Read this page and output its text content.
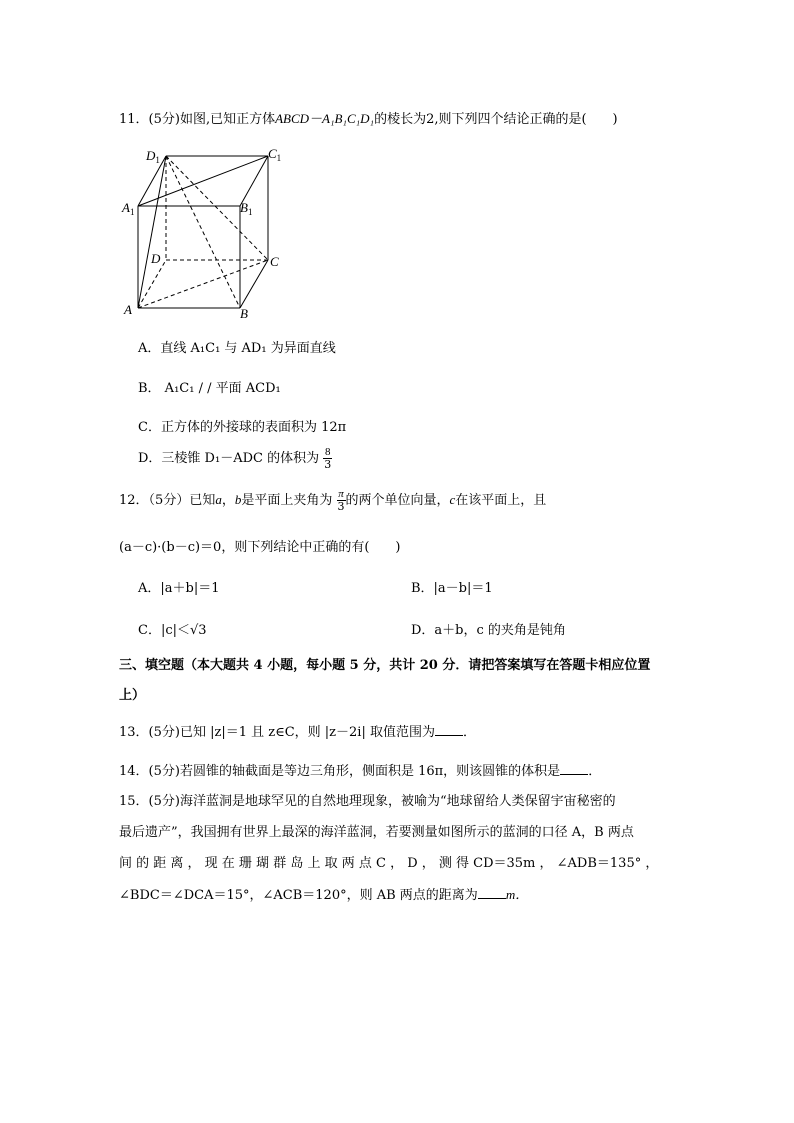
11．(5分)如图,已知正方体ABCD－A₁B₁C₁D₁的棱长为2,则下列四个结论正确的是(　　)
$D_1$	$C_1$
$A_1$	$B_1$
D	C
A	B
A．直线 A₁C₁ 与 AD₁ 为异面直线
B． A₁C₁ / / 平面 ACD₁
C．正方体的外接球的表面积为 12π
D．三棱锥 D₁－ADC 的体积为 $\frac{8}{3}$
12．（5分）已知a，b是平面上夹角为 $\frac{\pi}{3}$ 的两个单位向量，c在该平面上，且
(a－c)·(b－c)＝0，则下列结论中正确的有(　　)
A．|a＋b|＝1	B．|a－b|＝1
C．|c|＜√3	D．a＋b，c 的夹角是钝角
三、填空题（本大题共 4 小题，每小题 5 分，共计 20 分．请把答案填写在答题卡相应位置
上）
13．(5分)已知 |z|＝1 且 z∈C，则 |z－2i| 取值范围为 ．
14．(5分)若圆锥的轴截面是等边三角形，侧面积是 16π，则该圆锥的体积是 ．
15．(5分)海洋蓝洞是地球罕见的自然地理现象，被喻为“地球留给人类保留宇宙秘密的
最后遗产”，我国拥有世界上最深的海洋蓝洞，若要测量如图所示的蓝洞的口径 A，B 两点
间 的 距 离 ， 现 在 珊 瑚 群 岛 上 取 两 点 C ， D ， 测 得 CD＝35m ， ∠ADB＝135° ，
∠BDC＝∠DCA＝15°，∠ACB＝120°，则 AB 两点的距离为 m．
